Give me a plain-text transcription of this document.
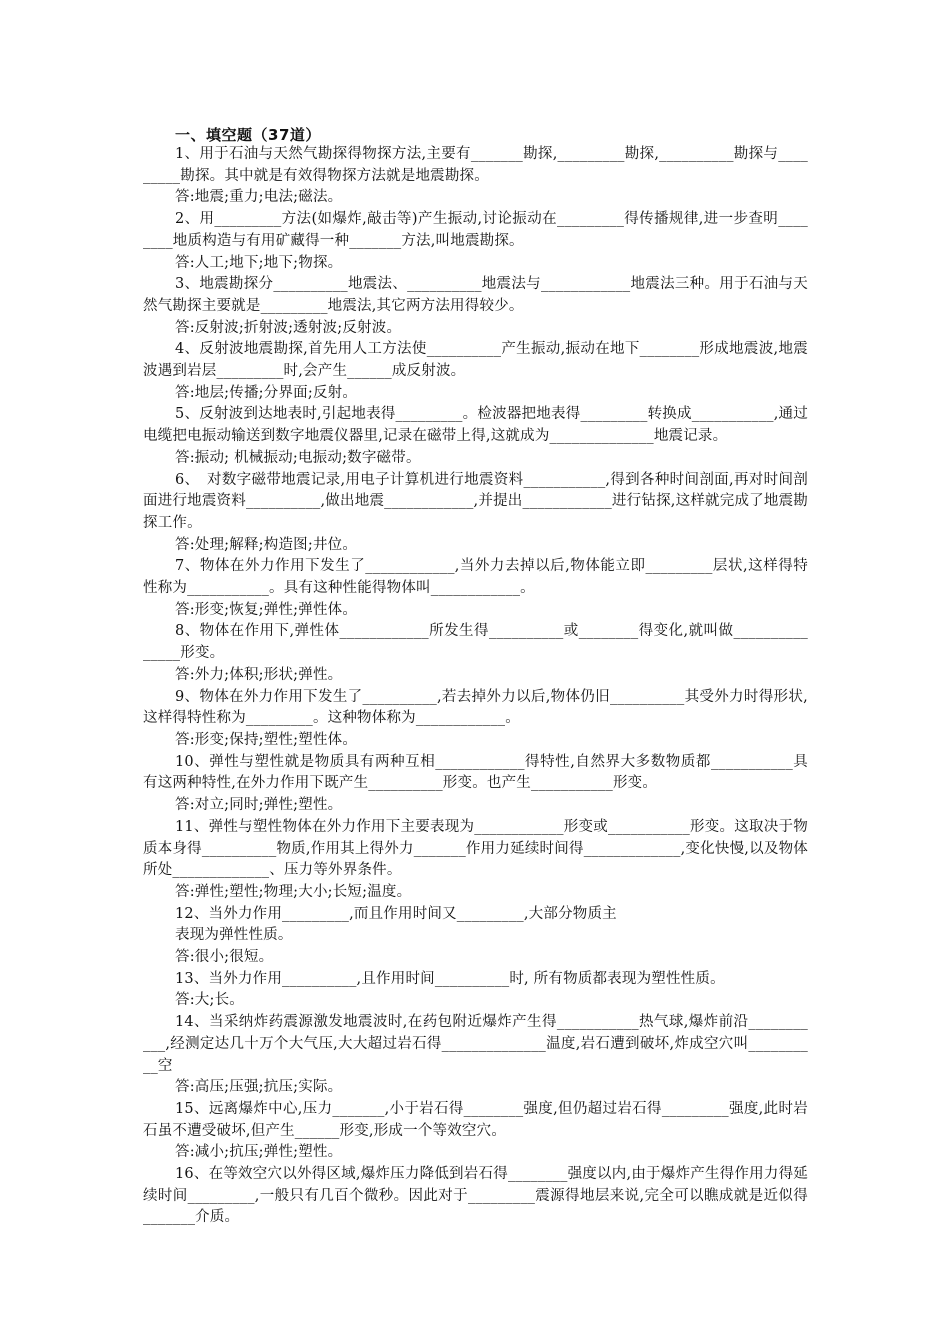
一、填空题（37道）

1、用于石油与天然气勘探得物探方法,主要有_______勘探,_________勘探,__________勘探与_________勘探。其中就是有效得物探方法就是地震勘探。

答:地震;重力;电法;磁法。

2、用_________方法(如爆炸,敲击等)产生振动,讨论振动在_________得传播规律,进一步查明________地质构造与有用矿藏得一种_______方法,叫地震勘探。

答:人工;地下;地下;物探。

3、地震勘探分__________地震法、__________地震法与____________地震法三种。用于石油与天然气勘探主要就是_________地震法,其它两方法用得较少。

答:反射波;折射波;透射波;反射波。

4、反射波地震勘探,首先用人工方法使__________产生振动,振动在地下________形成地震波,地震波遇到岩层_________时,会产生______成反射波。

答:地层;传播;分界面;反射。

5、反射波到达地表时,引起地表得_________。检波器把地表得_________转换成___________,通过电缆把电振动输送到数字地震仪器里,记录在磁带上得,这就成为______________地震记录。

答:振动; 机械振动;电振动;数字磁带。

6、　对数字磁带地震记录,用电子计算机进行地震资料___________,得到各种时间剖面,再对时间剖面进行地震资料__________,做出地震____________,并提出____________进行钻探,这样就完成了地震勘探工作。

答:处理;解释;构造图;井位。

7、物体在外力作用下发生了____________,当外力去掉以后,物体能立即_________层状,这样得特性称为___________。具有这种性能得物体叫____________。

答:形变;恢复;弹性;弹性体。

8、物体在作用下,弹性体____________所发生得__________或________得变化,就叫做_______________形变。

答:外力;体积;形状;弹性。

9、物体在外力作用下发生了__________,若去掉外力以后,物体仍旧__________其受外力时得形状,这样得特性称为_________。这种物体称为____________。

答:形变;保持;塑性;塑性体。

10、弹性与塑性就是物质具有两种互相____________得特性,自然界大多数物质都___________具有这两种特性,在外力作用下既产生__________形变。也产生___________形变。

答:对立;同时;弹性;塑性。

11、弹性与塑性物体在外力作用下主要表现为____________形变或___________形变。这取决于物质本身得__________物质,作用其上得外力_______作用力延续时间得_____________,变化快慢,以及物体所处_____________、压力等外界条件。

答:弹性;塑性;物理;大小;长短;温度。

12、当外力作用_________,而且作用时间又_________,大部分物质主

表现为弹性性质。

答:很小;很短。

13、当外力作用__________,且作用时间__________时, 所有物质都表现为塑性性质。

答:大;长。

14、当采纳炸药震源激发地震波时,在药包附近爆炸产生得___________热气球,爆炸前沿___________,经测定达几十万个大气压,大大超过岩石得______________温度,岩石遭到破坏,炸成空穴叫__________空

答:高压;压强;抗压;实际。

15、远离爆炸中心,压力_______,小于岩石得________强度,但仍超过岩石得_________强度,此时岩石虽不遭受破坏,但产生______形变,形成一个等效空穴。

答:减小;抗压;弹性;塑性。

16、在等效空穴以外得区域,爆炸压力降低到岩石得________强度以内,由于爆炸产生得作用力得延续时间_________,一般只有几百个微秒。因此对于_________震源得地层来说,完全可以瞧成就是近似得_______介质。
